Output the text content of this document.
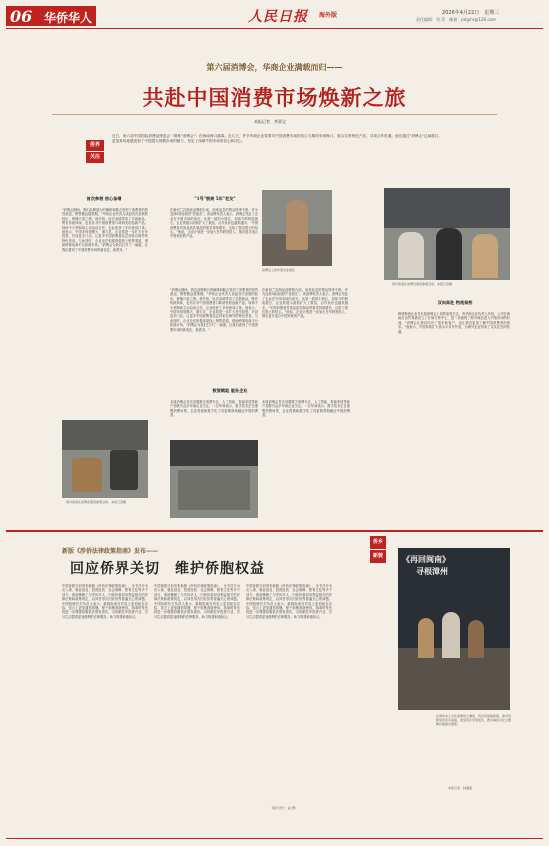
06 华侨华人	人民日报 海外版	2026年4月22日　星期三
责任编辑：刘 萍　邮箱：pdgmr@126.com
第六届消博会，华商企业满载而归——
共赴中国消费市场焕新之旅
本报记者　李嘉宝
侨界
关注
近日，第六届中国国际消费品博览会（简称"消博会"）在海南海口落幕。近几天，许多华商企业带着对中国消费市场的信心与期待来到海口，展示自家特色产品，寻找合作机遇。他们通过"消博会"这扇窗口，更加真切地感受到了中国超大规模市场的魅力，坚定了深耕中国市场的信心和决心。
首次参展 信心备增
"消博会期间，我们品牌展台的咖啡和糕点受到了消费者的热烈欢迎，销售额远超预期。"华商企业负责人谈起首次参展的经历，难掩兴奋之情。他介绍，此次参展带来了多款新品，既有传统风味，也有针对中国消费者口味研发的创新产品。现场不少采购商主动洽谈合作，企业收获了多份意向订单。他表示，中国市场规模大、潜力足，企业将进一步扩大在华投资，开设更多门店，让更多中国消费者品尝到来自海外的特色美食。与此同时，企业也在积极探索线上销售渠道，借助跨境电商平台拓展市场。"消博会为我们打开了一扇窗，让我们看到了中国消费市场的新变化、新需求。"
海外客商在消博会展馆参观洽谈。本报记者摄
"1号"展商 5年"老友"
在新西兰乳制品品牌展台前，前来品尝的观众络绎不绝。作为连续5届参展的"老朋友"，该品牌负责人表示，消博会见证了企业在中国市场的成长。从第一届的小展位，到如今的特装展台，企业的展示面积扩大了数倍，合作伙伴也越来越多。"中国消费者对高品质乳制品的需求持续增长，这给了我们很大的信心。"他说，企业计划进一步加大在华研发投入，推出更多适合中国家庭的产品。
消博会上的华商企业展区
海外客商在消博会展馆参观洽谈。本报记者摄
"消博会期间，我们品牌展台的咖啡和糕点受到了消费者的热烈欢迎，销售额远超预期。"华商企业负责人谈起首次参展的经历，难掩兴奋之情。他介绍，此次参展带来了多款新品，既有传统风味，也有针对中国消费者口味研发的创新产品。现场不少采购商主动洽谈合作，企业收获了多份意向订单。他表示，中国市场规模大、潜力足，企业将进一步扩大在华投资，开设更多门店，让更多中国消费者品尝到来自海外的特色美食。与此同时，企业也在积极探索线上销售渠道，借助跨境电商平台拓展市场。"消博会为我们打开了一扇窗，让我们看到了中国消费市场的新变化、新需求。"
在新西兰乳制品品牌展台前，前来品尝的观众络绎不绝。作为连续5届参展的"老朋友"，该品牌负责人表示，消博会见证了企业在中国市场的成长。从第一届的小展位，到如今的特装展台，企业的展示面积扩大了数倍，合作伙伴也越来越多。"中国消费者对高品质乳制品的需求持续增长，这给了我们很大的信心。"他说，企业计划进一步加大在华研发投入，推出更多适合中国家庭的产品。
数智赋能 服务企业
本届消博会首次设置数字消费专区，人工智能、智能家居等新产品吸引众多华商企业关注。一位华商表示，数字技术正在重塑消费场景，企业将借助数字化工具更精准地触达中国消费者。
本届消博会首次设置数字消费专区，人工智能、智能家居等新产品吸引众多华商企业关注。一位华商表示，数字技术正在重塑消费场景，企业将借助数字化工具更精准地触达中国消费者。
双向奔赴 物流架桥
跨境物流企业在本届消博会上同样备受关注。有华商企业负责人介绍，公司在海南自由贸易港设立了区域分拨中心，进一步缩短了海外商品进入中国市场的时间。"消博会让我们结识了很多新客户，也让我们更加了解中国消费者的需求。"他表示，中国持续扩大高水平对外开放，为海外企业带来了实实在在的机遇。
新版《涉侨法律政策指南》发布——
回应侨界关切　维护侨胞权益
侨乡
新貌
中国侨联日前发布新版《涉侨法律政策指南》，全书共分为出入境、就业创业、投资经营、社会保障、教育文化等多个部分，系统梳理了与华侨华人、归侨侨眷切身利益相关的法律法规和政策规定，以问答形式回应侨界普遍关心的问题。中国侨联有关负责人表示，新版指南在内容上更加贴近实际，语言上更加通俗易懂，便于侨胞查阅使用。指南的发布将进一步增强侨胞依法维权意识，为侨胞在华投资兴业、学习生活提供更加便利的法律服务，助力构建和谐侨社。
中国侨联日前发布新版《涉侨法律政策指南》，全书共分为出入境、就业创业、投资经营、社会保障、教育文化等多个部分，系统梳理了与华侨华人、归侨侨眷切身利益相关的法律法规和政策规定，以问答形式回应侨界普遍关心的问题。中国侨联有关负责人表示，新版指南在内容上更加贴近实际，语言上更加通俗易懂，便于侨胞查阅使用。指南的发布将进一步增强侨胞依法维权意识，为侨胞在华投资兴业、学习生活提供更加便利的法律服务，助力构建和谐侨社。
中国侨联日前发布新版《涉侨法律政策指南》，全书共分为出入境、就业创业、投资经营、社会保障、教育文化等多个部分，系统梳理了与华侨华人、归侨侨眷切身利益相关的法律法规和政策规定，以问答形式回应侨界普遍关心的问题。中国侨联有关负责人表示，新版指南在内容上更加贴近实际，语言上更加通俗易懂，便于侨胞查阅使用。指南的发布将进一步增强侨胞依法维权意识，为侨胞在华投资兴业、学习生活提供更加便利的法律服务，助力构建和谐侨社。
（版式设计：赵 偲）
《再回闽南》
寻根漳州
在漳州本土文化深厚的土壤里，侨乡风貌焕新颜，海外侨胞常回家乡看看，感受家乡发展变化。图为闽南文化主题舞台剧演出剧照。
本报记者　林潘嘉
